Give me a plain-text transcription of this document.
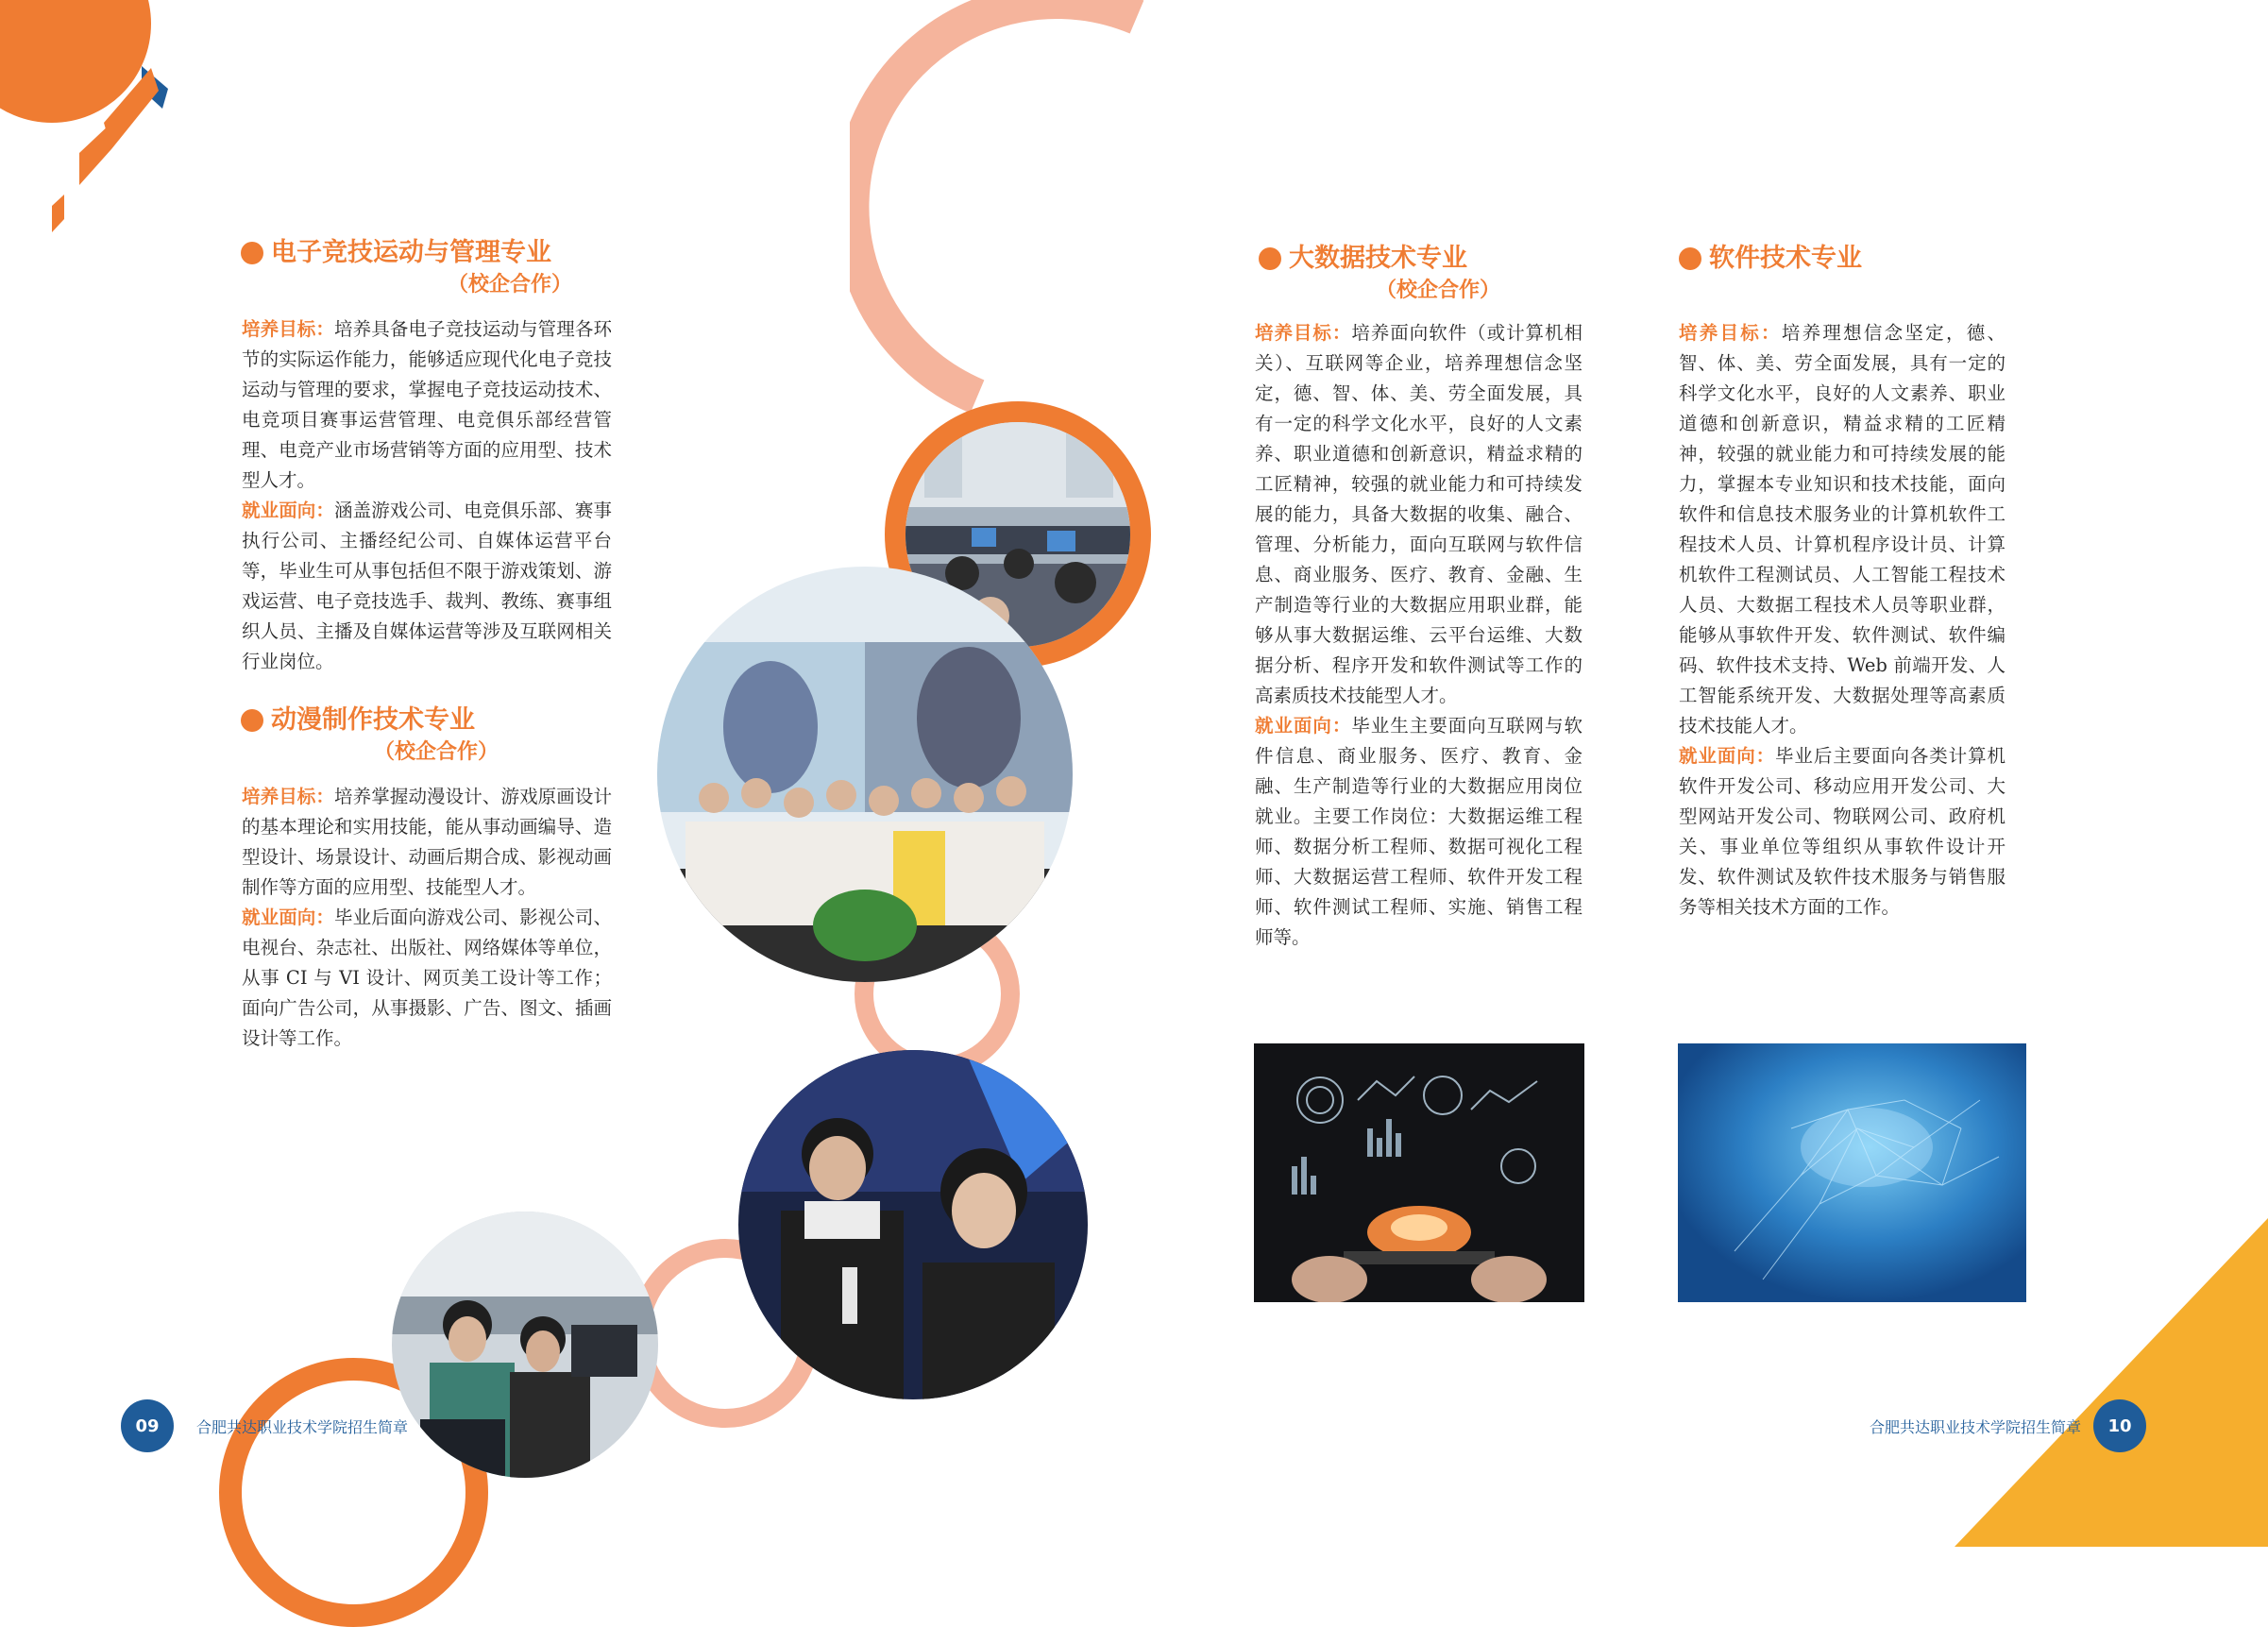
电子竞技运动与管理专业
（校企合作）
培养目标：培养具备电子竞技运动与管理各环节的实际运作能力，能够适应现代化电子竞技运动与管理的要求，掌握电子竞技运动技术、电竞项目赛事运营管理、电竞俱乐部经营管理、电竞产业市场营销等方面的应用型、技术型人才。
就业面向：涵盖游戏公司、电竞俱乐部、赛事执行公司、主播经纪公司、自媒体运营平台等，毕业生可从事包括但不限于游戏策划、游戏运营、电子竞技选手、裁判、教练、赛事组织人员、主播及自媒体运营等涉及互联网相关行业岗位。
动漫制作技术专业
（校企合作）
培养目标：培养掌握动漫设计、游戏原画设计的基本理论和实用技能，能从事动画编导、造型设计、场景设计、动画后期合成、影视动画制作等方面的应用型、技能型人才。
就业面向：毕业后面向游戏公司、影视公司、电视台、杂志社、出版社、网络媒体等单位，从事 CI 与 VI 设计、网页美工设计等工作；面向广告公司，从事摄影、广告、图文、插画设计等工作。
大数据技术专业
（校企合作）
培养目标：培养面向软件（或计算机相关）、互联网等企业，培养理想信念坚定，德、智、体、美、劳全面发展，具有一定的科学文化水平，良好的人文素养、职业道德和创新意识，精益求精的工匠精神，较强的就业能力和可持续发展的能力，具备大数据的收集、融合、管理、分析能力，面向互联网与软件信息、商业服务、医疗、教育、金融、生产制造等行业的大数据应用职业群，能够从事大数据运维、云平台运维、大数据分析、程序开发和软件测试等工作的高素质技术技能型人才。
就业面向：毕业生主要面向互联网与软件信息、商业服务、医疗、教育、金融、生产制造等行业的大数据应用岗位就业。主要工作岗位：大数据运维工程师、数据分析工程师、数据可视化工程师、大数据运营工程师、软件开发工程师、软件测试工程师、实施、销售工程师等。
软件技术专业
培养目标：培养理想信念坚定，德、智、体、美、劳全面发展，具有一定的科学文化水平，良好的人文素养、职业道德和创新意识，精益求精的工匠精神，较强的就业能力和可持续发展的能力，掌握本专业知识和技术技能，面向软件和信息技术服务业的计算机软件工程技术人员、计算机程序设计员、计算机软件工程测试员、人工智能工程技术人员、大数据工程技术人员等职业群，能够从事软件开发、软件测试、软件编码、软件技术支持、Web 前端开发、人工智能系统开发、大数据处理等高素质技术技能人才。
就业面向：毕业后主要面向各类计算机软件开发公司、移动应用开发公司、大型网站开发公司、物联网公司、政府机关、事业单位等组织从事软件设计开发、软件测试及软件技术服务与销售服务等相关技术方面的工作。
09	合肥共达职业技术学院招生简章	合肥共达职业技术学院招生简章	10
